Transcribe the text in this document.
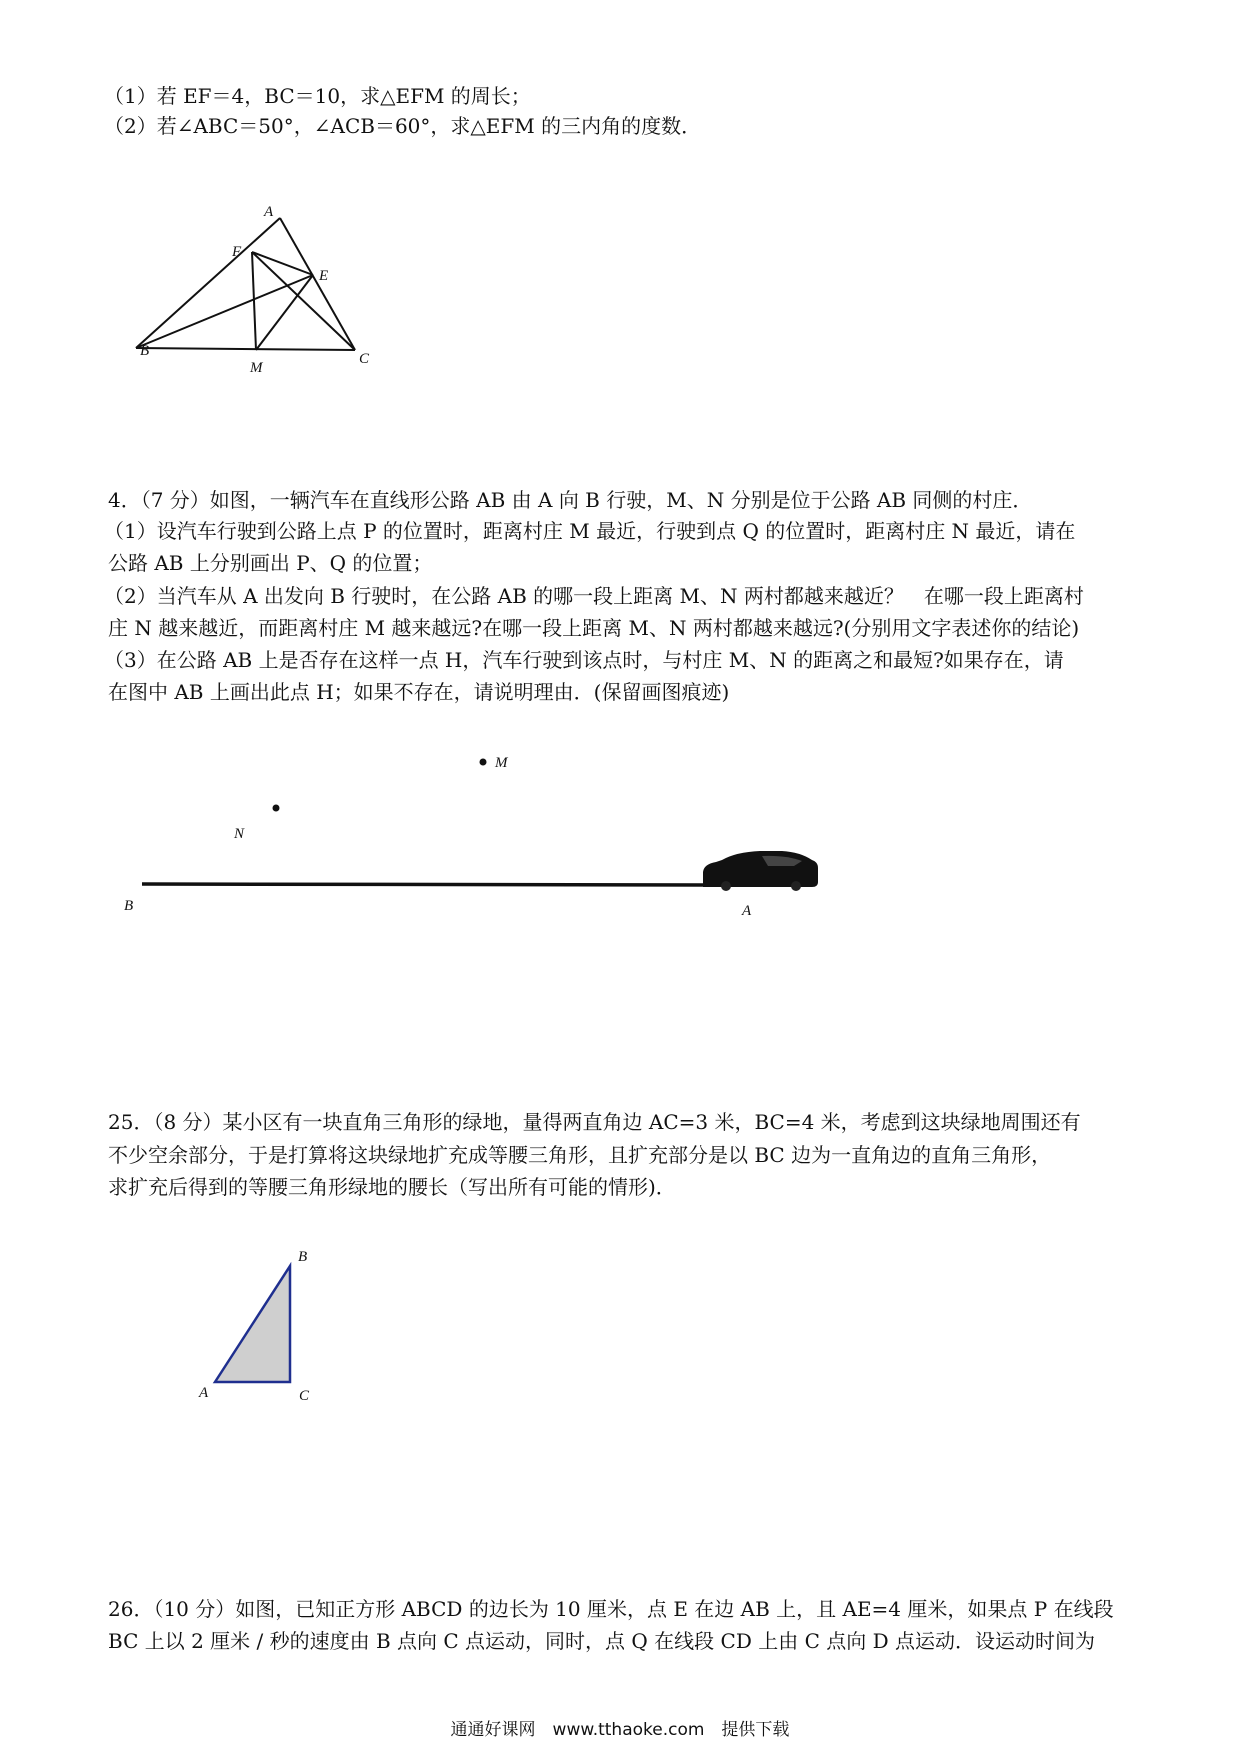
（1）若 EF＝4，BC＝10，求△EFM 的周长；
（2）若∠ABC＝50°，∠ACB＝60°，求△EFM 的三内角的度数．
A
F
E
B
M
C
4．（7 分）如图，一辆汽车在直线形公路 AB 由 A 向 B 行驶，M、N 分别是位于公路 AB 同侧的村庄．
（1）设汽车行驶到公路上点 P 的位置时，距离村庄 M 最近，行驶到点 Q 的位置时，距离村庄 N 最近，请在
公路 AB 上分别画出 P、Q 的位置；
（2）当汽车从 A 出发向 B 行驶时，在公路 AB 的哪一段上距离 M、N 两村都越来越近？　在哪一段上距离村
庄 N 越来越近，而距离村庄 M 越来越远?在哪一段上距离 M、N 两村都越来越远?(分别用文字表述你的结论)
（3）在公路 AB 上是否存在这样一点 H，汽车行驶到该点时，与村庄 M、N 的距离之和最短?如果存在，请
在图中 AB 上画出此点 H；如果不存在，请说明理由．(保留画图痕迹)
M
N
B	A
25．（8 分）某小区有一块直角三角形的绿地，量得两直角边 AC=3 米，BC=4 米，考虑到这块绿地周围还有
不少空余部分，于是打算将这块绿地扩充成等腰三角形，且扩充部分是以 BC 边为一直角边的直角三角形，
求扩充后得到的等腰三角形绿地的腰长（写出所有可能的情形)．
B
A	C
26．（10 分）如图，已知正方形 ABCD 的边长为 10 厘米，点 E 在边 AB 上，且 AE=4 厘米，如果点 P 在线段
BC 上以 2 厘米 / 秒的速度由 B 点向 C 点运动，同时，点 Q 在线段 CD 上由 C 点向 D 点运动．设运动时间为
通通好课网　www.tthaoke.com　提供下载
